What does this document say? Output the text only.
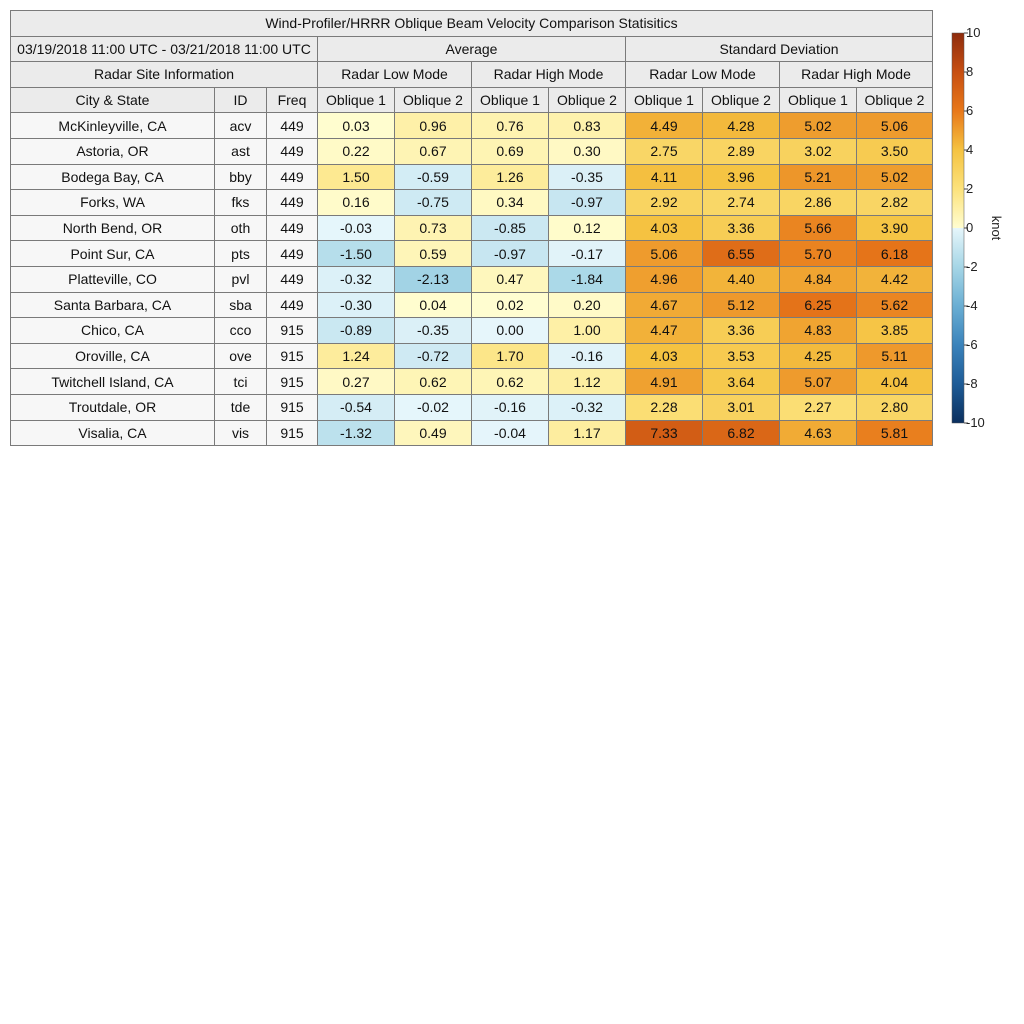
Wind-Profiler/HRRR Oblique Beam Velocity Comparison Statisitics										
03/19/2018 11:00 UTC - 03/21/2018 11:00 UTC			Average				Standard Deviation			
Radar Site Information			Radar Low Mode		Radar High Mode		Radar Low Mode		Radar High Mode	
City & State	ID	Freq	Oblique 1	Oblique 2	Oblique 1	Oblique 2	Oblique 1	Oblique 2	Oblique 1	Oblique 2
McKinleyville, CA	acv	449	0.03	0.96	0.76	0.83	4.49	4.28	5.02	5.06
Astoria, OR	ast	449	0.22	0.67	0.69	0.30	2.75	2.89	3.02	3.50
Bodega Bay, CA	bby	449	1.50	-0.59	1.26	-0.35	4.11	3.96	5.21	5.02
Forks, WA	fks	449	0.16	-0.75	0.34	-0.97	2.92	2.74	2.86	2.82
North Bend, OR	oth	449	-0.03	0.73	-0.85	0.12	4.03	3.36	5.66	3.90
Point Sur, CA	pts	449	-1.50	0.59	-0.97	-0.17	5.06	6.55	5.70	6.18
Platteville, CO	pvl	449	-0.32	-2.13	0.47	-1.84	4.96	4.40	4.84	4.42
Santa Barbara, CA	sba	449	-0.30	0.04	0.02	0.20	4.67	5.12	6.25	5.62
Chico, CA	cco	915	-0.89	-0.35	0.00	1.00	4.47	3.36	4.83	3.85
Oroville, CA	ove	915	1.24	-0.72	1.70	-0.16	4.03	3.53	4.25	5.11
Twitchell Island, CA	tci	915	0.27	0.62	0.62	1.12	4.91	3.64	5.07	4.04
Troutdale, OR	tde	915	-0.54	-0.02	-0.16	-0.32	2.28	3.01	2.27	2.80
Visalia, CA	vis	915	-1.32	0.49	-0.04	1.17	7.33	6.82	4.63	5.81
10
8
6
4
2
0
-2
-4
-6
-8
-10
knot
